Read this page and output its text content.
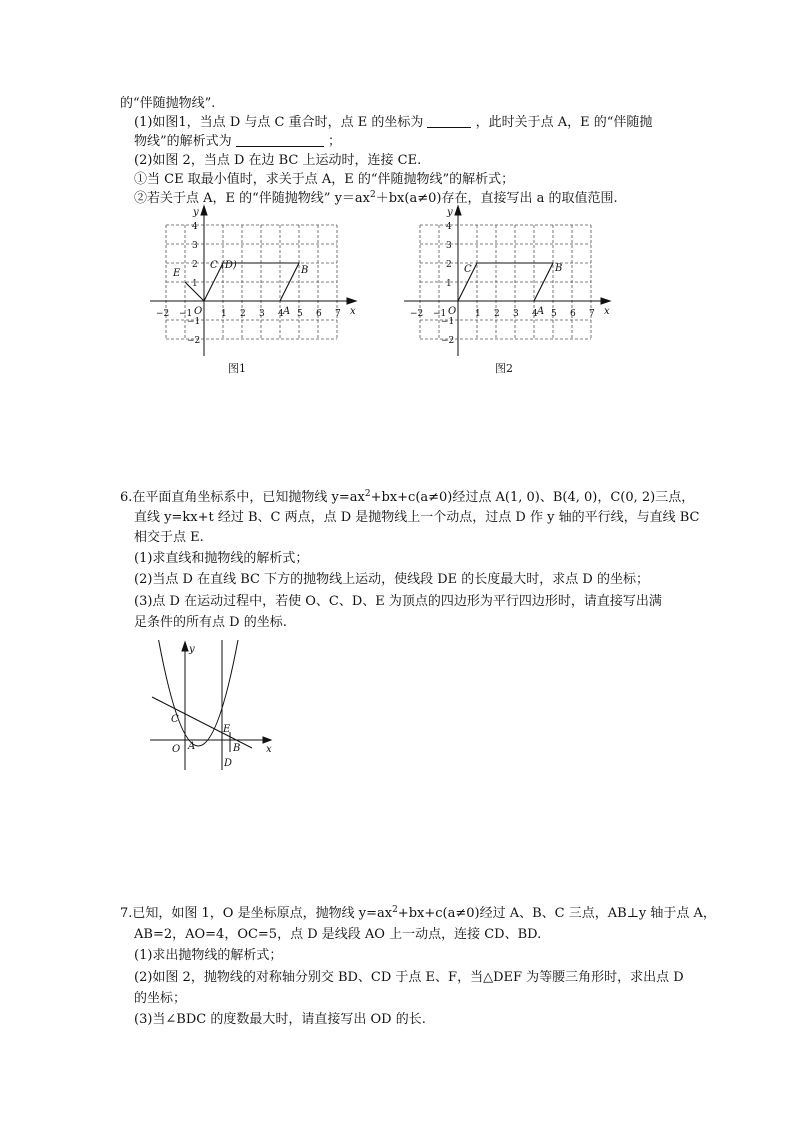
的“伴随抛物线”.
(1)如图1，当点 D 与点 C 重合时，点 E 的坐标为	，此时关于点 A，E 的“伴随抛
物线”的解析式为	；
(2)如图 2，当点 D 在边 BC 上运动时，连接 CE.
①当 CE 取最小值时，求关于点 A，E 的“伴随抛物线”的解析式；
②若关于点 A，E 的“伴随抛物线” $y=ax^2+bx(a\ne 0)$存在，直接写出 a 的取值范围.
x
y
O
E
C (D)	B
A
−2 −1	1 2 3 4 5 6 7
4
3
2
1
−1
−2
图1
x
y
O
C	B
A
−2 −1	1 2 3 4 5 6 7
4
3
2
1
−1
−2
图2
6.在平面直角坐标系中，已知抛物线 $y=ax^2+bx+c(a\ne 0)$经过点 A(1, 0)、B(4, 0)，C(0, 2)三点，
直线 y=kx+t 经过 B、C 两点，点 D 是抛物线上一个动点，过点 D 作 y 轴的平行线，与直线 BC
相交于点 E.
(1)求直线和抛物线的解析式；
(2)当点 D 在直线 BC 下方的抛物线上运动，使线段 DE 的长度最大时，求点 D 的坐标；
(3)点 D 在运动过程中，若使 O、C、D、E 为顶点的四边形为平行四边形时，请直接写出满
足条件的所有点 D 的坐标.
y
x
C
E
O A	B
D
7.已知，如图 1，O 是坐标原点，抛物线 $y=ax^2+bx+c(a\ne 0)$经过 A、B、C 三点，AB⊥y 轴于点 A，
AB=2，AO=4，OC=5，点 D 是线段 AO 上一动点，连接 CD、BD.
(1)求出抛物线的解析式；
(2)如图 2，抛物线的对称轴分别交 BD、CD 于点 E、F，当△DEF 为等腰三角形时，求出点 D
的坐标；
(3)当∠BDC 的度数最大时，请直接写出 OD 的长.
